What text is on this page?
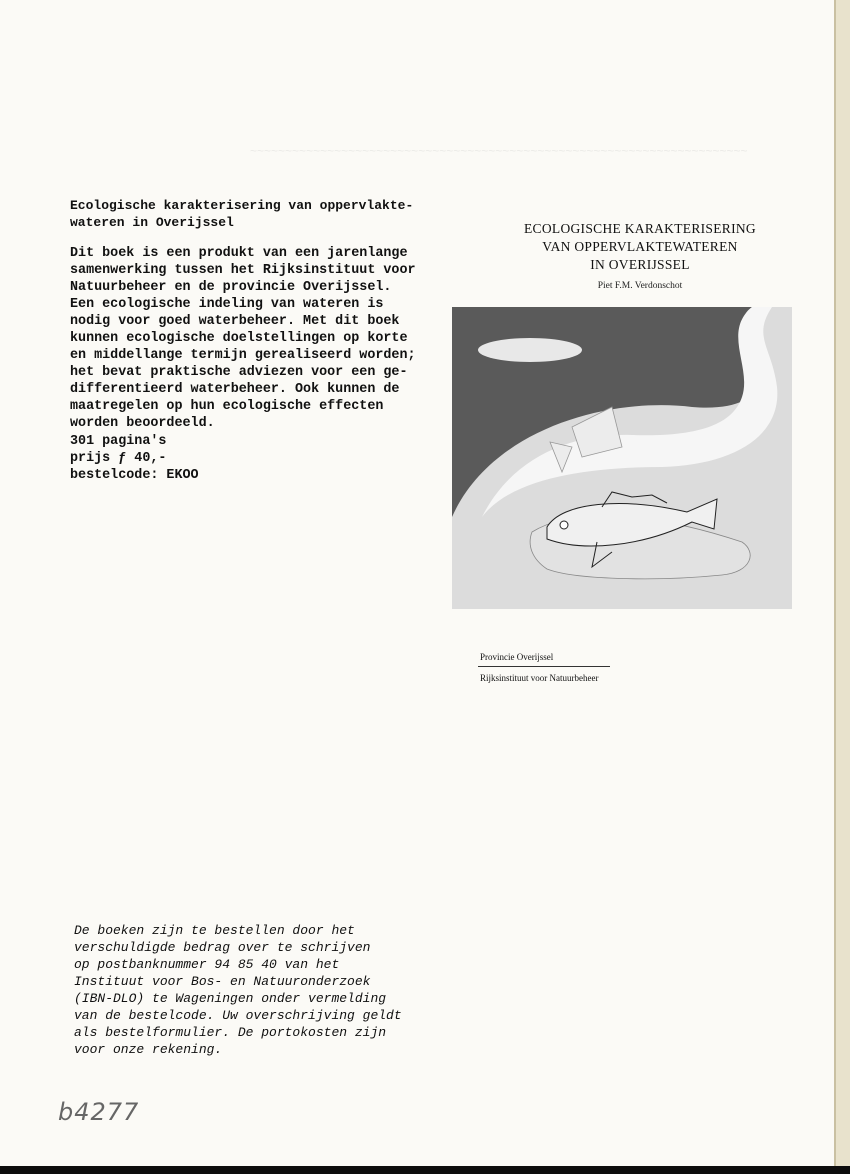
~~~~~~~~~~~~~~~~~~~~~~~~~~~~~~~~~~~~~~~~~~~~~~~~~~~~~~~~~~~~~~~~~~~~~~~
Ecologische karakterisering van oppervlakte-
wateren in Overijssel
Dit boek is een produkt van een jarenlange
samenwerking tussen het Rijksinstituut voor
Natuurbeheer en de provincie Overijssel.
Een ecologische indeling van wateren is
nodig voor goed waterbeheer. Met dit boek
kunnen ecologische doelstellingen op korte
en middellange termijn gerealiseerd worden;
het bevat praktische adviezen voor een ge-
differentieerd waterbeheer. Ook kunnen de
maatregelen op hun ecologische effecten
worden beoordeeld.
301 pagina's
prijs ƒ 40,-
bestelcode: EKOO
ECOLOGISCHE KARAKTERISERING
VAN OPPERVLAKTEWATEREN
IN OVERIJSSEL
Piet F.M. Verdonschot
Provincie Overijssel
Rijksinstituut voor Natuurbeheer
De boeken zijn te bestellen door het
verschuldigde bedrag over te schrijven
op postbanknummer 94 85 40 van het
Instituut voor Bos- en Natuuronderzoek
(IBN-DLO) te Wageningen onder vermelding
van de bestelcode. Uw overschrijving geldt
als bestelformulier. De portokosten zijn
voor onze rekening.
b4277
